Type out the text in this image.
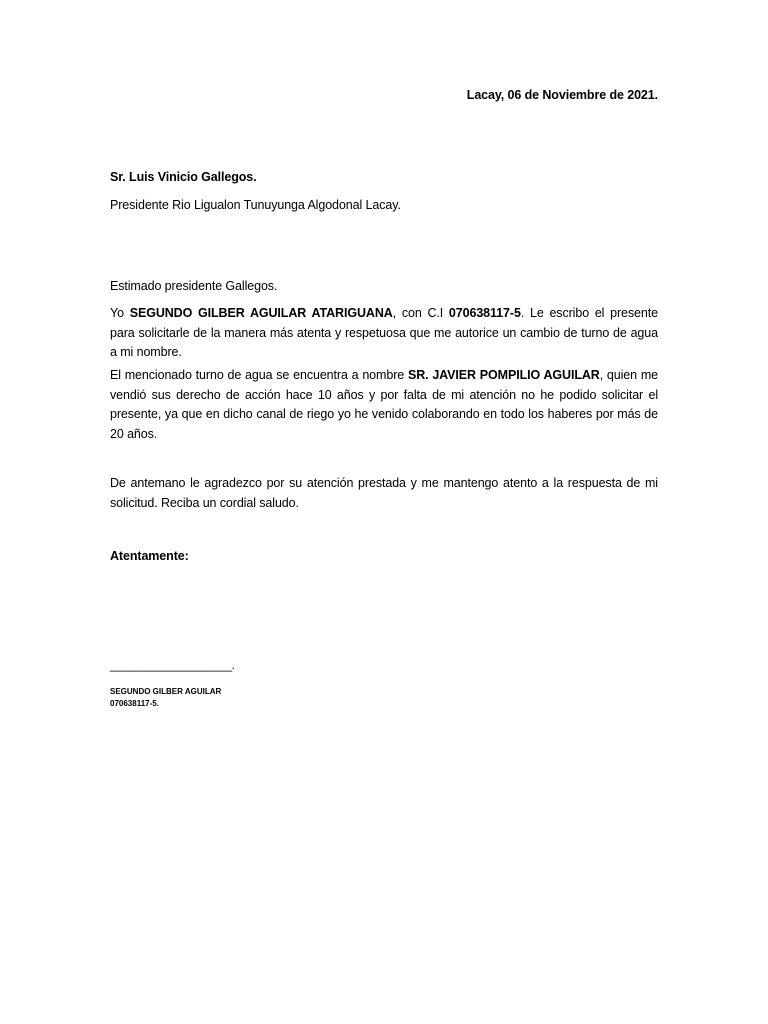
Lacay, 06 de Noviembre de 2021.
Sr. Luis Vinicio Gallegos.
Presidente Rio Ligualon Tunuyunga Algodonal Lacay.
Estimado presidente Gallegos.
Yo SEGUNDO GILBER AGUILAR ATARIGUANA, con C.I 070638117-5. Le escribo el presente para solicitarle de la manera más atenta y respetuosa que me autorice un cambio de turno de agua a mi nombre.
El mencionado turno de agua se encuentra a nombre SR. JAVIER POMPILIO AGUILAR, quien me vendió sus derecho de acción hace 10 años y por falta de mi atención no he podido solicitar el presente, ya que en dicho canal de riego yo he venido colaborando en todo los haberes por más de 20 años.
De antemano le agradezco por su atención prestada y me mantengo atento a la respuesta de mi solicitud. Reciba un cordial saludo.
Atentamente:
____________________.
SEGUNDO GILBER AGUILAR
070638117-5.
